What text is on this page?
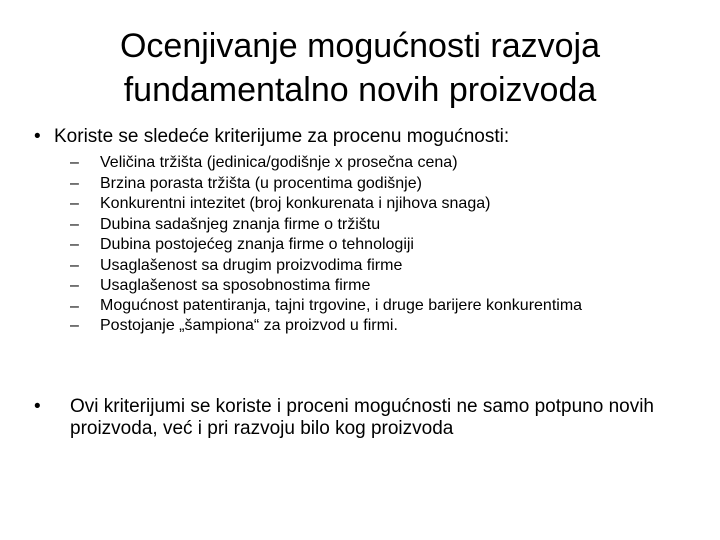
Ocenjivanje mogućnosti razvoja
fundamentalno novih proizvoda
• Koriste se sledeće kriterijume za procenu mogućnosti:
– Veličina tržišta (jedinica/godišnje x prosečna cena)
– Brzina porasta tržišta (u procentima godišnje)
– Konkurentni intezitet (broj konkurenata i njihova snaga)
– Dubina sadašnjeg znanja firme o tržištu
– Dubina postojećeg znanja firme o tehnologiji
– Usaglašenost sa drugim proizvodima firme
– Usaglašenost sa sposobnostima firme
– Mogućnost patentiranja, tajni trgovine, i druge barijere konkurentima
– Postojanje „šampiona“ za proizvod u firmi.
•	Ovi kriterijumi se koriste i proceni mogućnosti ne samo potpuno novih proizvoda, već i pri razvoju bilo kog proizvoda
